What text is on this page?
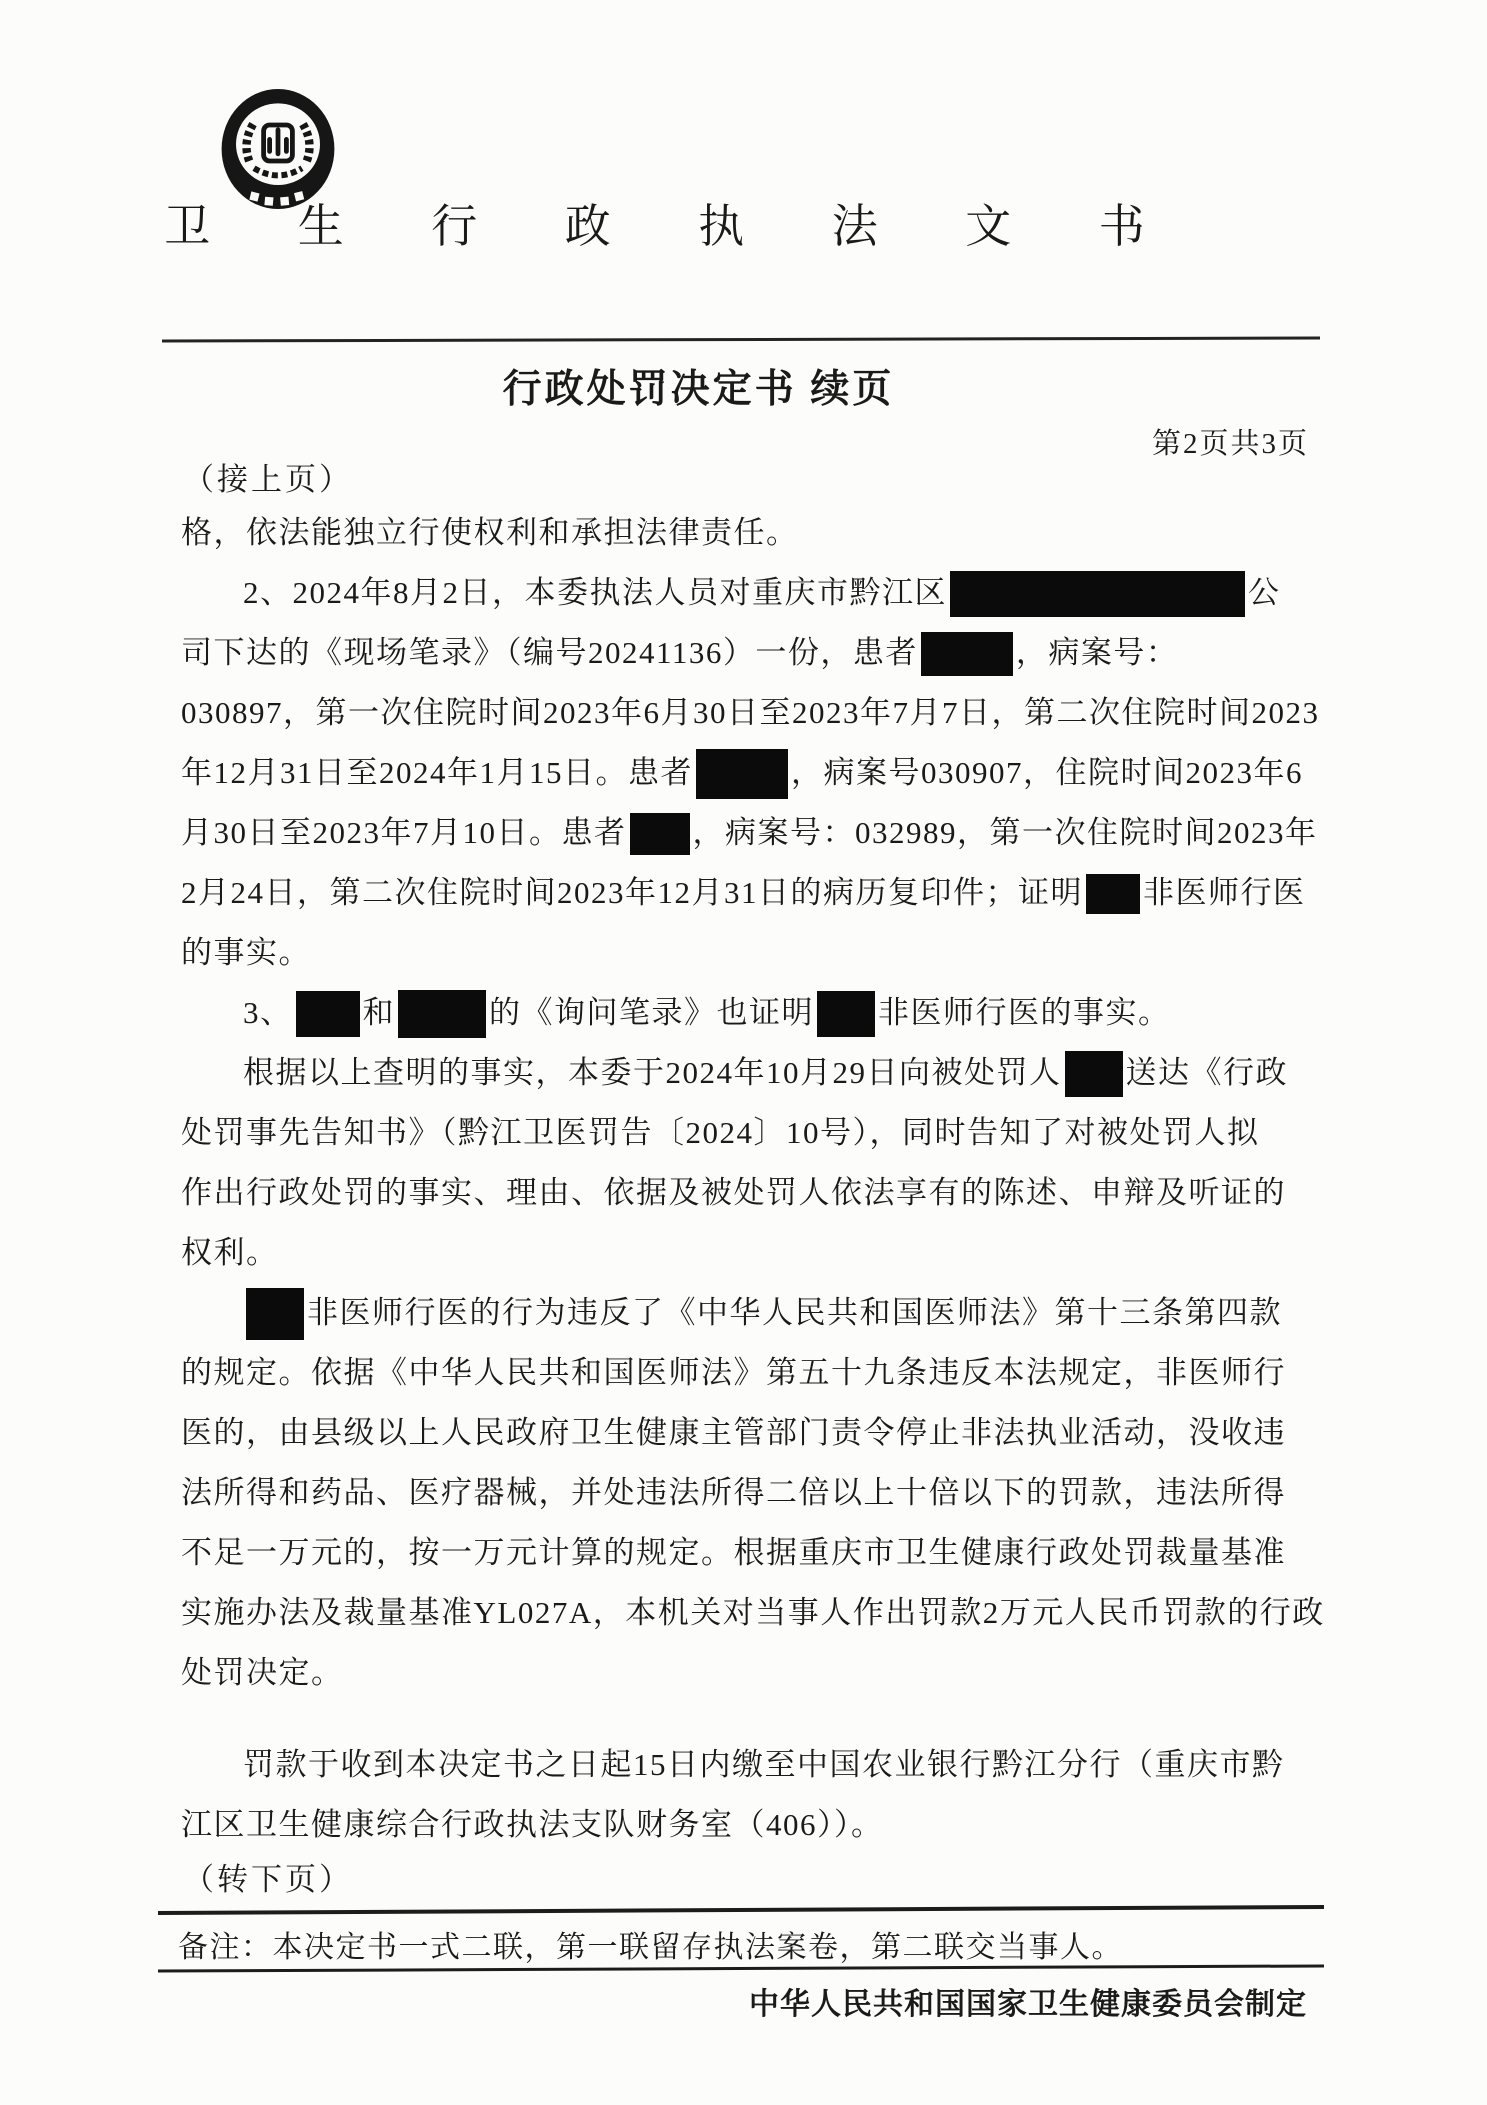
卫 生 行 政 执 法 文 书
行政处罚决定书 续页
第2页共3页
（接上页）
格，依法能独立行使权利和承担法律责任。
2、2024年8月2日，本委执法人员对重庆市黔江区	公
司下达的《现场笔录》（编号20241136）一份，患者	，病案号：
030897，第一次住院时间2023年6月30日至2023年7月7日，第二次住院时间2023
年12月31日至2024年1月15日。患者	，病案号030907，住院时间2023年6
月30日至2023年7月10日。患者 ，病案号：032989，第一次住院时间2023年
2月24日，第二次住院时间2023年12月31日的病历复印件；证明 非医师行医
的事实。
3、 和	的《询问笔录》也证明 非医师行医的事实。
根据以上查明的事实，本委于2024年10月29日向被处罚人 送达《行政
处罚事先告知书》（黔江卫医罚告〔2024〕10号），同时告知了对被处罚人拟
作出行政处罚的事实、理由、依据及被处罚人依法享有的陈述、申辩及听证的
权利。
非医师行医的行为违反了《中华人民共和国医师法》第十三条第四款
的规定。依据《中华人民共和国医师法》第五十九条违反本法规定，非医师行
医的，由县级以上人民政府卫生健康主管部门责令停止非法执业活动，没收违
法所得和药品、医疗器械，并处违法所得二倍以上十倍以下的罚款，违法所得
不足一万元的，按一万元计算的规定。根据重庆市卫生健康行政处罚裁量基准
实施办法及裁量基准YL027A，本机关对当事人作出罚款2万元人民币罚款的行政
处罚决定。
罚款于收到本决定书之日起15日内缴至中国农业银行黔江分行（重庆市黔
江区卫生健康综合行政执法支队财务室（406））。
（转下页）
备注：本决定书一式二联，第一联留存执法案卷，第二联交当事人。
中华人民共和国国家卫生健康委员会制定
